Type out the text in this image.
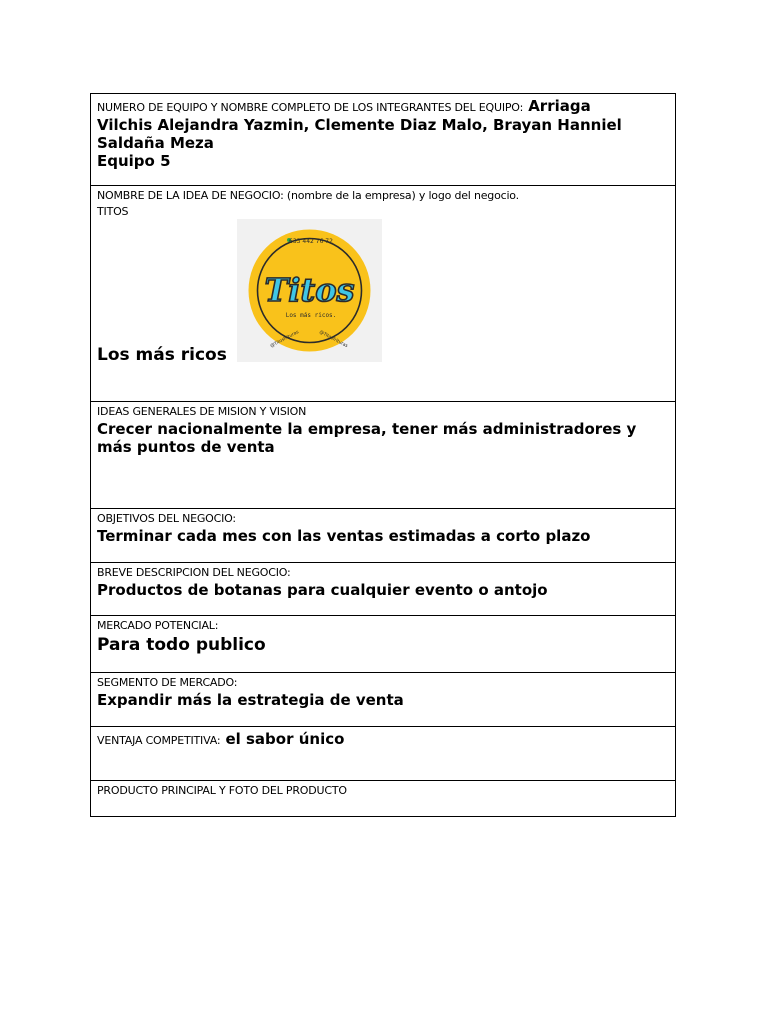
NUMERO DE EQUIPO Y NOMBRE COMPLETO DE LOS INTEGRANTES DEL EQUIPO: Arriaga
Vilchis Alejandra Yazmin, Clemente Diaz Malo, Brayan Hanniel
Saldaña Meza
Equipo 5

NOMBRE DE LA IDEA DE NEGOCIO: (nombre de la empresa) y logo del negocio.
TITOS
633 442 76 72
Titos
Los más ricos.
@Titosfrituras	@Titosfrituras
Los más ricos

IDEAS GENERALES DE MISION Y VISION
Crecer nacionalmente la empresa, tener más administradores y
más puntos de venta

OBJETIVOS DEL NEGOCIO:
Terminar cada mes con las ventas estimadas a corto plazo

BREVE DESCRIPCION DEL NEGOCIO:
Productos de botanas para cualquier evento o antojo

MERCADO POTENCIAL:
Para todo publico

SEGMENTO DE MERCADO:
Expandir más la estrategia de venta

VENTAJA COMPETITIVA: el sabor único

PRODUCTO PRINCIPAL Y FOTO DEL PRODUCTO
